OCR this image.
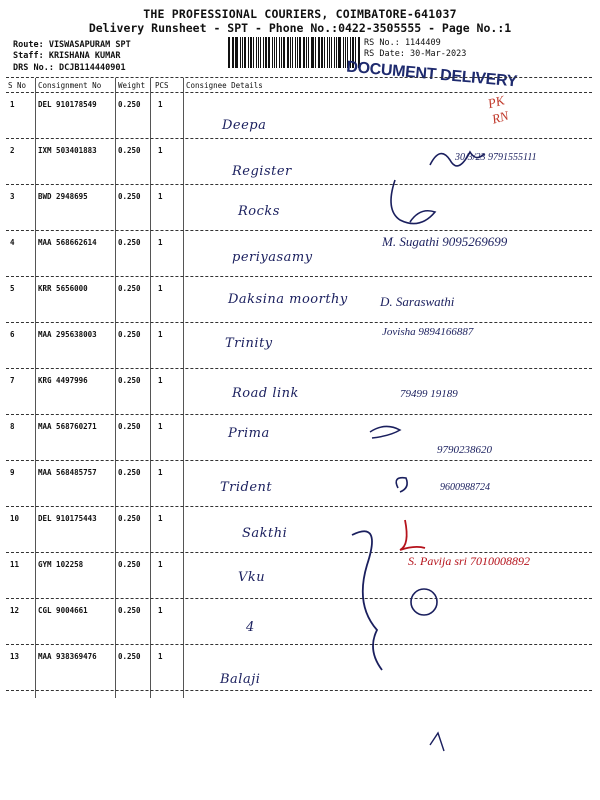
THE PROFESSIONAL COURIERS, COIMBATORE-641037
Delivery Runsheet - SPT - Phone No.:0422-3505555 - Page No.:1
Route: VISWASAPURAM SPT
Staff: KRISHANA KUMAR
DRS No.: DCJB114440901
RS No.: 1144409
RS Date: 30-Mar-2023
DOCUMENT DELIVERY
PK
RN
S No Consignment No Weight PCS Consignee Details
1	DEL 910178549	0.250 1
Deepa
2	IXM 503401883	0.250 1
Register
30/3/23 9791555111
3	BWD 2948695	0.250 1
Rocks
4	MAA 568662614	0.250 1
periyasamy
M. Sugathi 9095269699
5	KRR 5656000	0.250 1
Daksina moorthy D. Saraswathi
6	MAA 295638003	0.250 1
Trinity
Jovisha 9894166887
7	KRG 4497996	0.250 1
Road link	79499 19189
8	MAA 568760271	0.250 1	Prima
9790238620
9	MAA 568485757	0.250 1
Trident	9600988724
10	DEL 910175443	0.250 1
Sakthi
11	GYM 102258	0.250 1
Vku
S. Pavija sri 7010008892
12	CGL 9004661	0.250 1
4
13	MAA 938369476	0.250 1
Balaji
